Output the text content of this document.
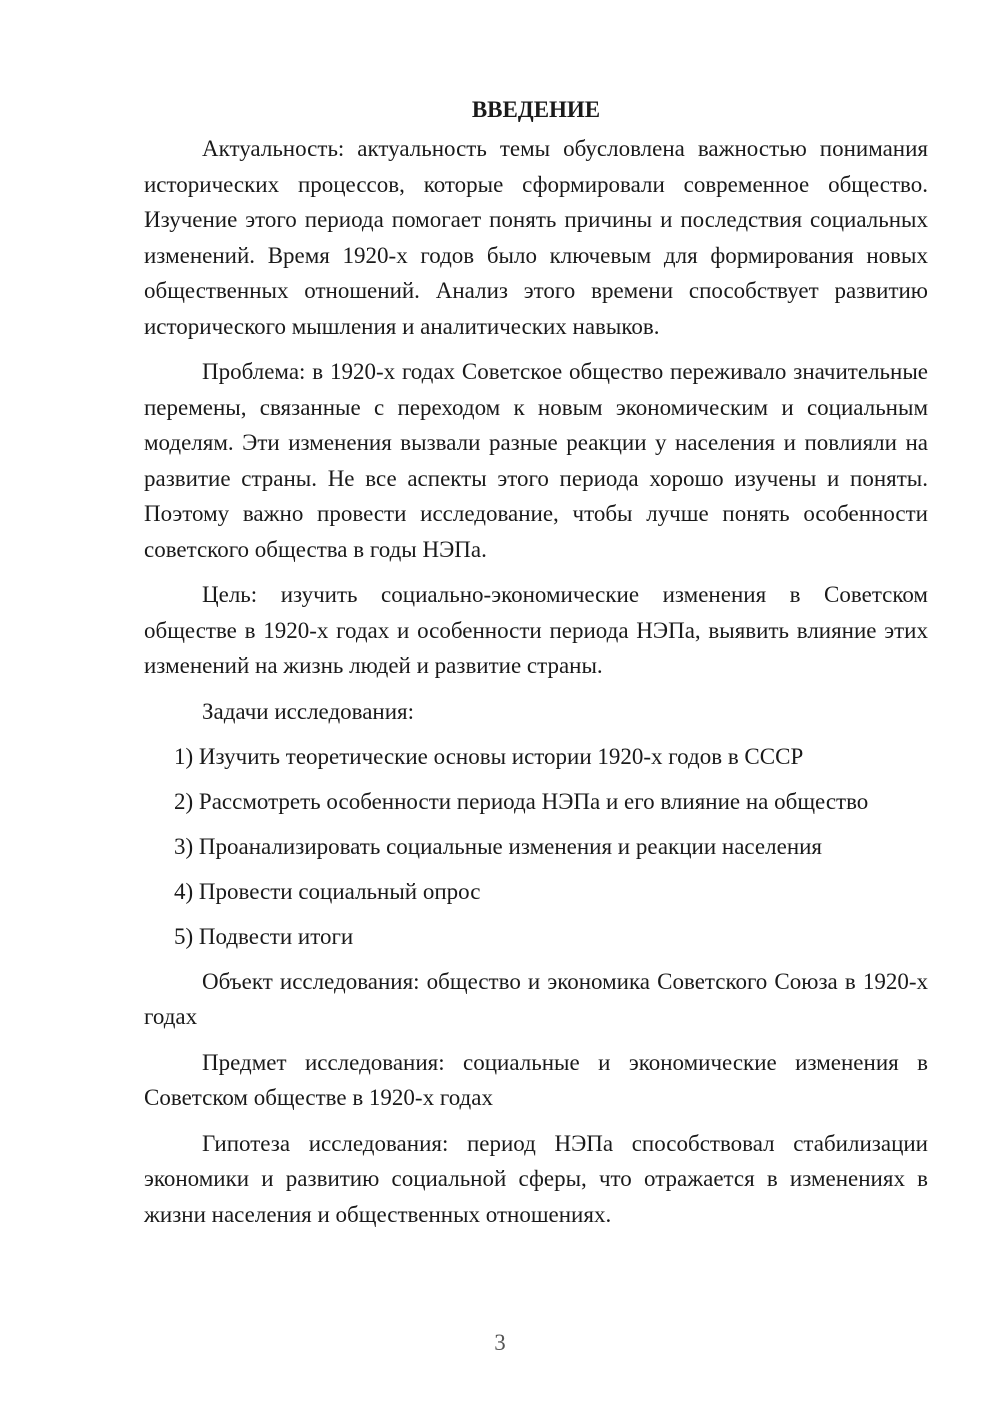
ВВЕДЕНИЕ

Актуальность: актуальность темы обусловлена важностью понимания исторических процессов, которые сформировали современное общество. Изучение этого периода помогает понять причины и последствия социальных изменений. Время 1920-х годов было ключевым для формирования новых общественных отношений. Анализ этого времени способствует развитию исторического мышления и аналитических навыков.

Проблема: в 1920-х годах Советское общество переживало значительные перемены, связанные с переходом к новым экономическим и социальным моделям. Эти изменения вызвали разные реакции у населения и повлияли на развитие страны. Не все аспекты этого периода хорошо изучены и поняты. Поэтому важно провести исследование, чтобы лучше понять особенности советского общества в годы НЭПа.

Цель: изучить социально-экономические изменения в Советском обществе в 1920-х годах и особенности периода НЭПа, выявить влияние этих изменений на жизнь людей и развитие страны.

Задачи исследования:

1) Изучить теоретические основы истории 1920-х годов в СССР

2) Рассмотреть особенности периода НЭПа и его влияние на общество

3) Проанализировать социальные изменения и реакции населения

4) Провести социальный опрос

5) Подвести итоги

Объект исследования: общество и экономика Советского Союза в 1920-х годах

Предмет исследования: социальные и экономические изменения в Советском обществе в 1920-х годах

Гипотеза исследования: период НЭПа способствовал стабилизации экономики и развитию социальной сферы, что отражается в изменениях в жизни населения и общественных отношениях.

3
